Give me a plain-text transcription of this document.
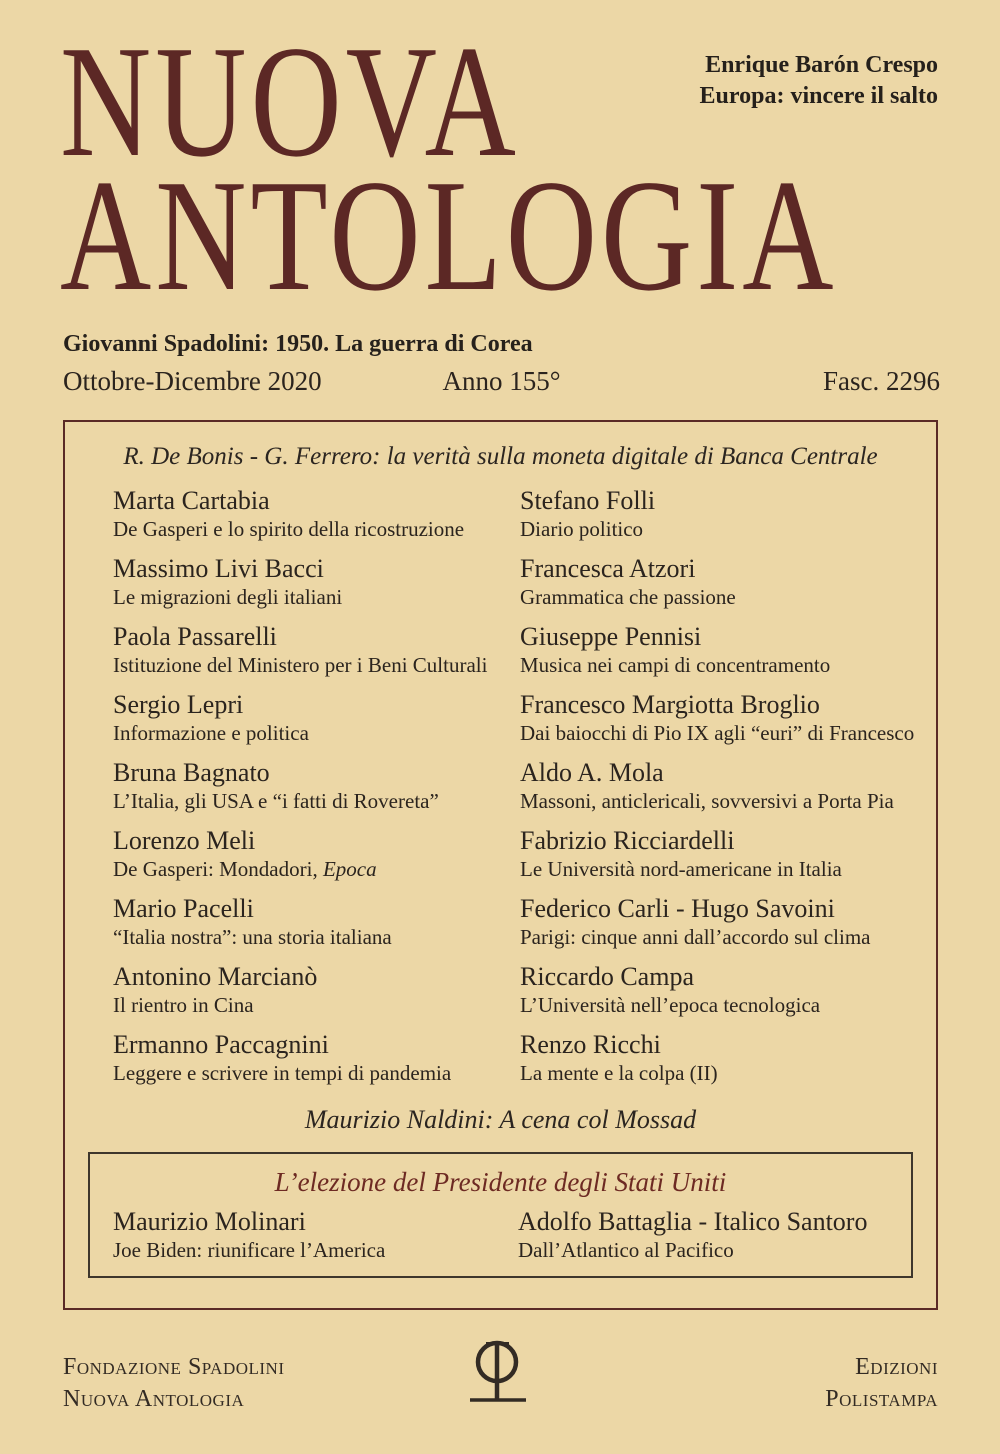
Enrique Barón Crespo
Europa: vincere il salto
NUOVA
ANTOLOGIA
Giovanni Spadolini: 1950. La guerra di Corea
Ottobre-Dicembre 2020	Anno 155°	Fasc. 2296
R. De Bonis - G. Ferrero: la verità sulla moneta digitale di Banca Centrale
Marta Cartabia
De Gasperi e lo spirito della ricostruzione
Massimo Livi Bacci
Le migrazioni degli italiani
Paola Passarelli
Istituzione del Ministero per i Beni Culturali
Sergio Lepri
Informazione e politica
Bruna Bagnato
L’Italia, gli USA e “i fatti di Rovereta”
Lorenzo Meli
De Gasperi: Mondadori, Epoca
Mario Pacelli
“Italia nostra”: una storia italiana
Antonino Marcianò
Il rientro in Cina
Ermanno Paccagnini
Leggere e scrivere in tempi di pandemia
Stefano Folli
Diario politico
Francesca Atzori
Grammatica che passione
Giuseppe Pennisi
Musica nei campi di concentramento
Francesco Margiotta Broglio
Dai baiocchi di Pio IX agli “euri” di Francesco
Aldo A. Mola
Massoni, anticlericali, sovversivi a Porta Pia
Fabrizio Ricciardelli
Le Università nord-americane in Italia
Federico Carli - Hugo Savoini
Parigi: cinque anni dall’accordo sul clima
Riccardo Campa
L’Università nell’epoca tecnologica
Renzo Ricchi
La mente e la colpa (II)
Maurizio Naldini: A cena col Mossad
L’elezione del Presidente degli Stati Uniti
Maurizio Molinari
Joe Biden: riunificare l’America
Adolfo Battaglia - Italico Santoro
Dall’Atlantico al Pacifico
Fondazione Spadolini
Nuova Antologia
Edizioni
Polistampa
